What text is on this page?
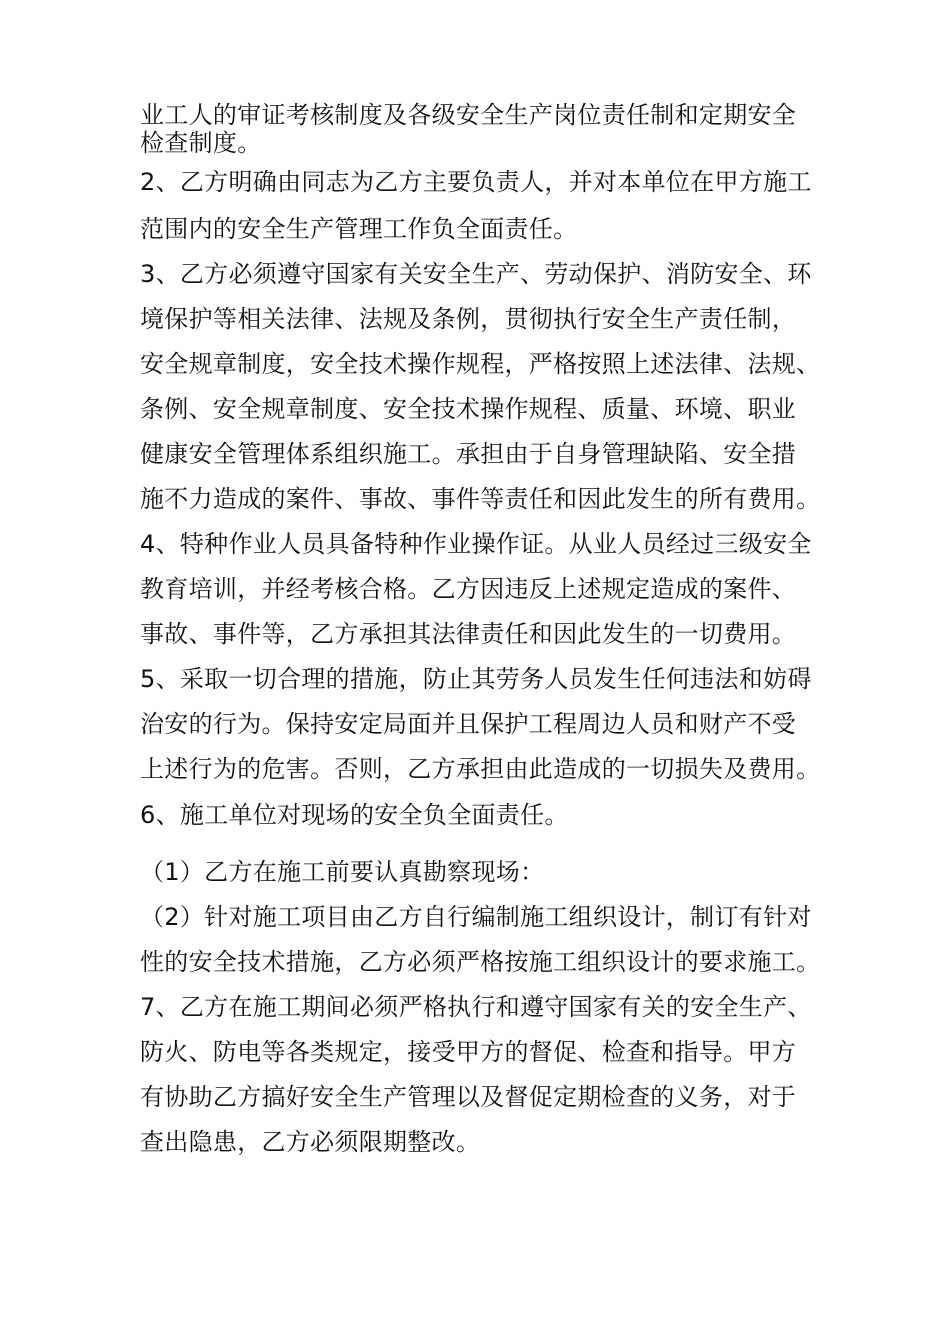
业工人的审证考核制度及各级安全生产岗位责任制和定期安全
检查制度。
2、乙方明确由同志为乙方主要负责人，并对本单位在甲方施工
范围内的安全生产管理工作负全面责任。
3、乙方必须遵守国家有关安全生产、劳动保护、消防安全、环
境保护等相关法律、法规及条例，贯彻执行安全生产责任制，
安全规章制度，安全技术操作规程，严格按照上述法律、法规、
条例、安全规章制度、安全技术操作规程、质量、环境、职业
健康安全管理体系组织施工。承担由于自身管理缺陷、安全措
施不力造成的案件、事故、事件等责任和因此发生的所有费用。
4、特种作业人员具备特种作业操作证。从业人员经过三级安全
教育培训，并经考核合格。乙方因违反上述规定造成的案件、
事故、事件等，乙方承担其法律责任和因此发生的一切费用。
5、采取一切合理的措施，防止其劳务人员发生任何违法和妨碍
治安的行为。保持安定局面并且保护工程周边人员和财产不受
上述行为的危害。否则，乙方承担由此造成的一切损失及费用。
6、施工单位对现场的安全负全面责任。
（1）乙方在施工前要认真勘察现场：
（2）针对施工项目由乙方自行编制施工组织设计，制订有针对
性的安全技术措施，乙方必须严格按施工组织设计的要求施工。
7、乙方在施工期间必须严格执行和遵守国家有关的安全生产、
防火、防电等各类规定，接受甲方的督促、检查和指导。甲方
有协助乙方搞好安全生产管理以及督促定期检查的义务，对于
查出隐患，乙方必须限期整改。
